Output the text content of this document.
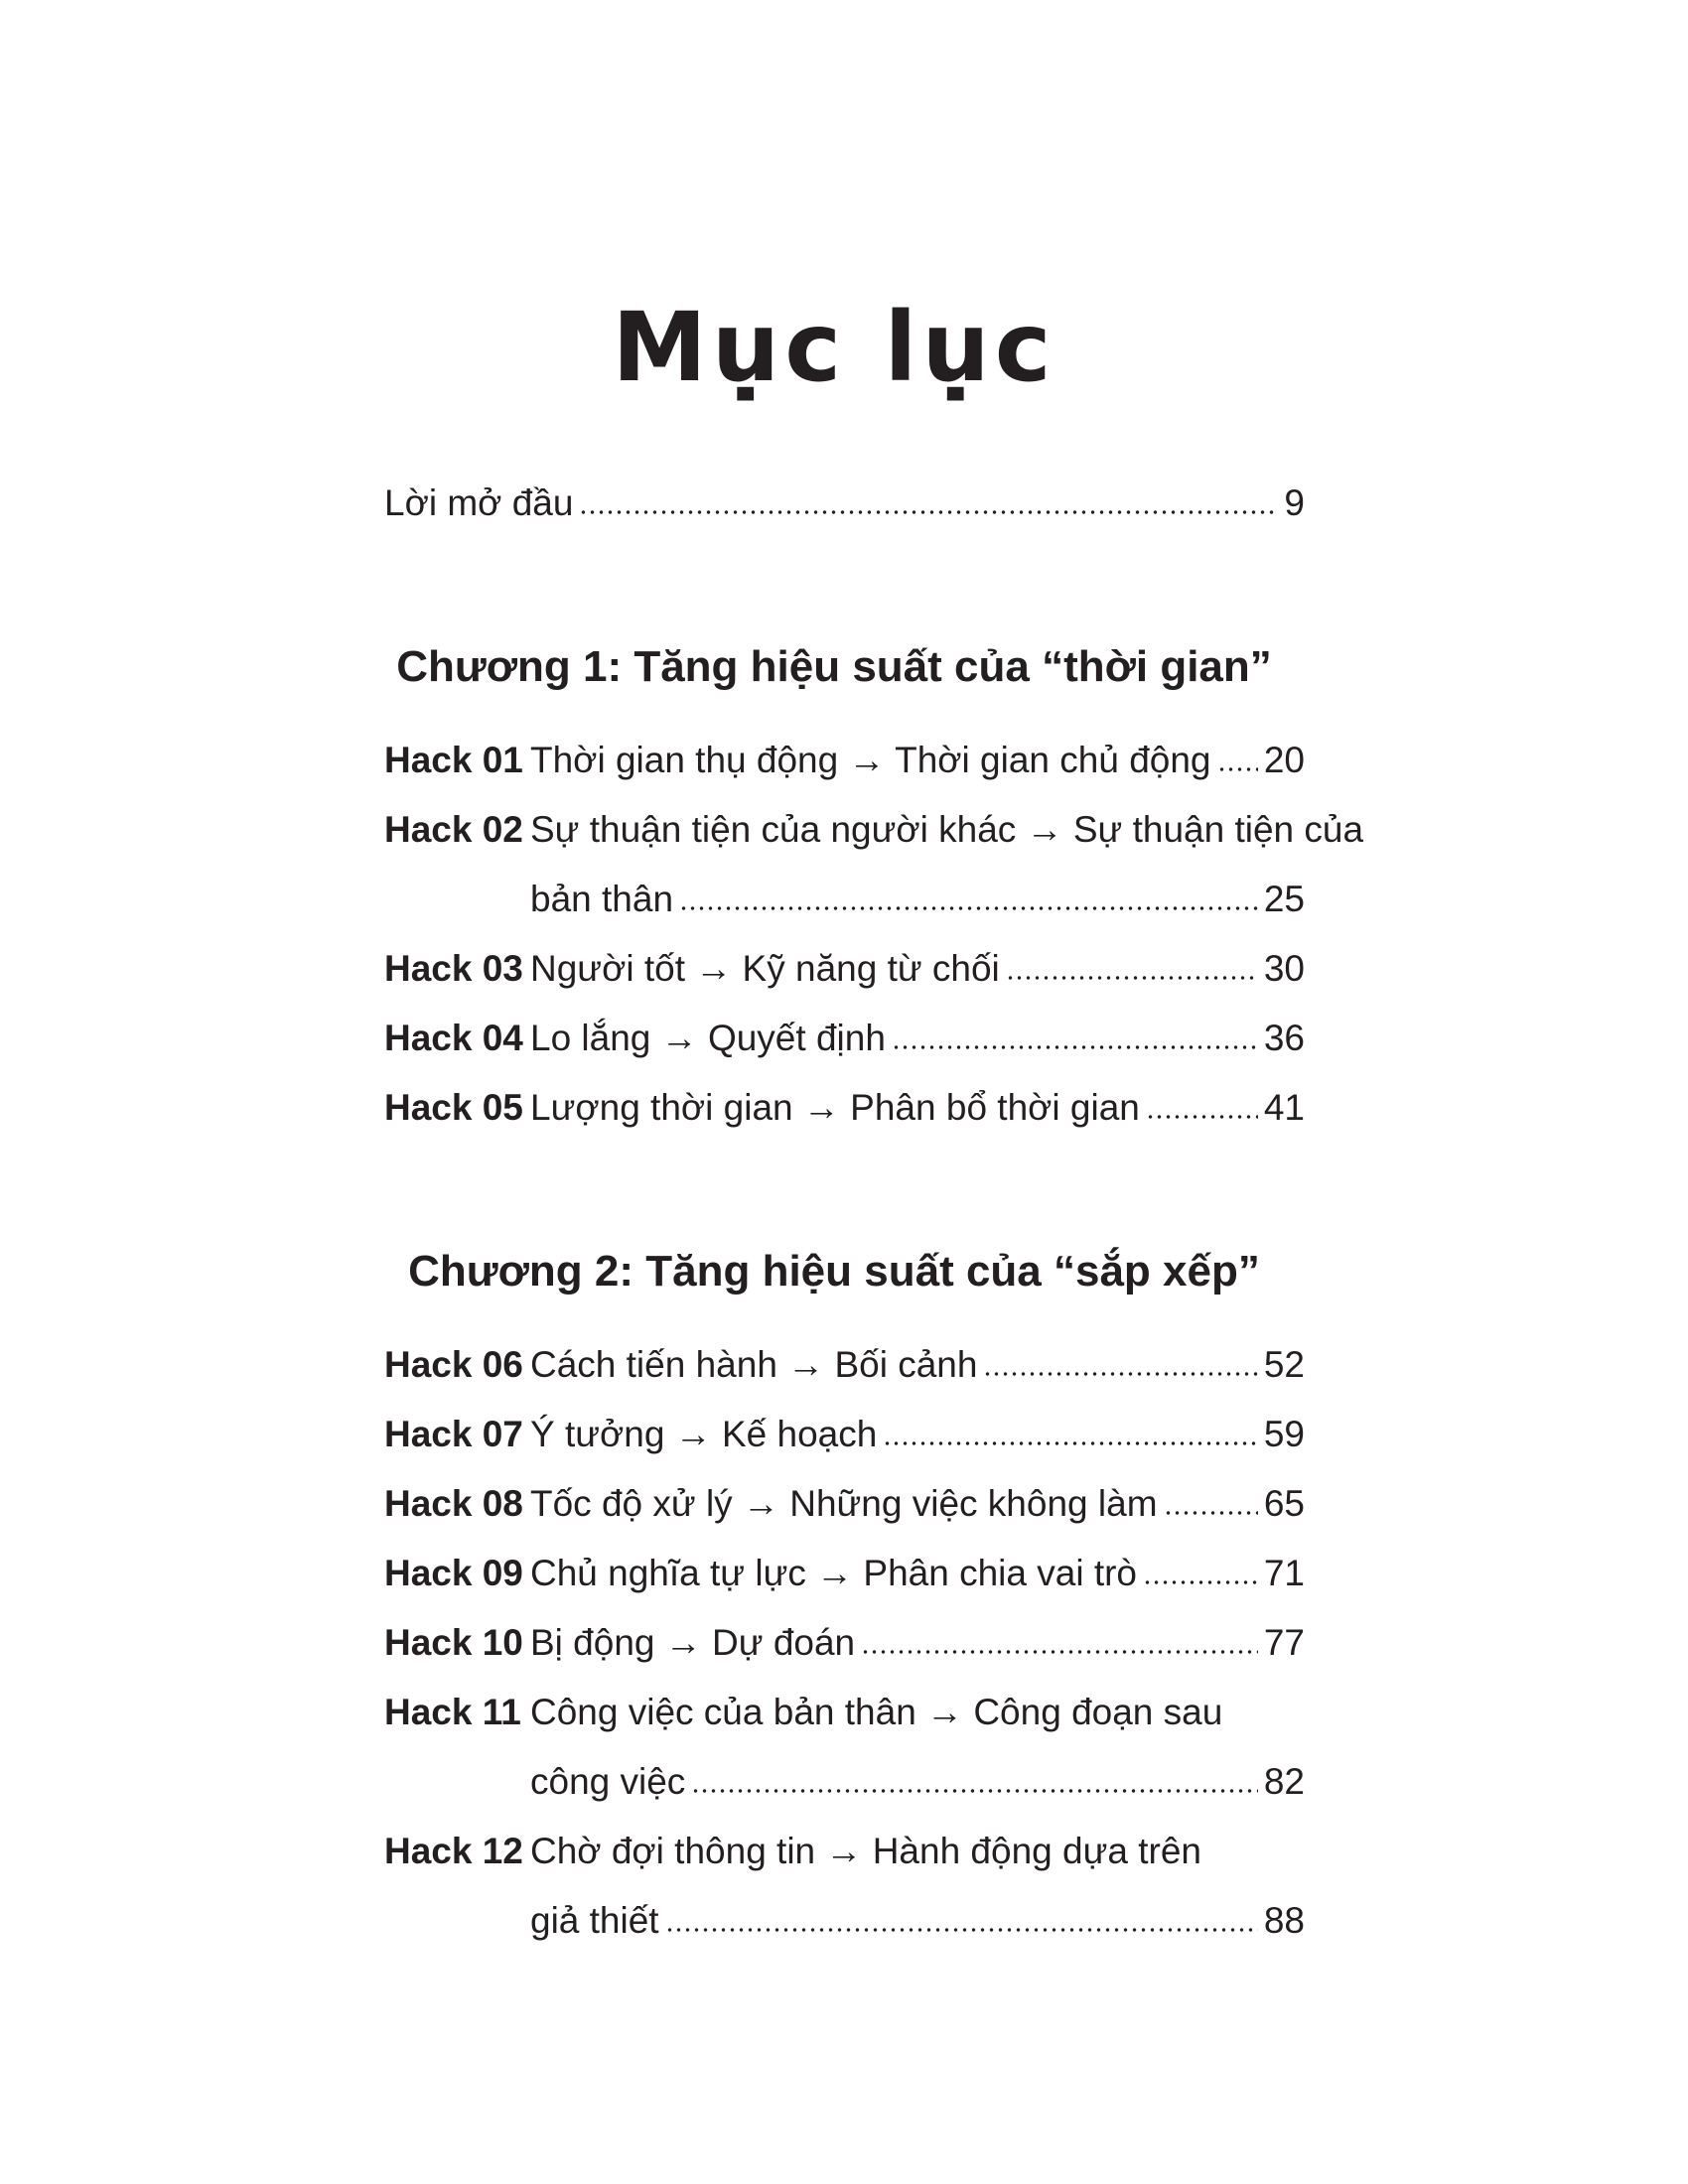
Mục lục
Lời mở đầu	9
Chương 1: Tăng hiệu suất của “thời gian”
Hack 01 Thời gian thụ động → Thời gian chủ động 20
Hack 02 Sự thuận tiện của người khác → Sự thuận tiện của
bản thân	25
Hack 03 Người tốt → Kỹ năng từ chối	30
Hack 04 Lo lắng → Quyết định	36
Hack 05 Lượng thời gian → Phân bổ thời gian	41
Chương 2: Tăng hiệu suất của “sắp xếp”
Hack 06 Cách tiến hành → Bối cảnh	52
Hack 07 Ý tưởng → Kế hoạch	59
Hack 08 Tốc độ xử lý → Những việc không làm	65
Hack 09 Chủ nghĩa tự lực → Phân chia vai trò	71
Hack 10 Bị động → Dự đoán	77
Hack 11 Công việc của bản thân → Công đoạn sau
công việc	82
Hack 12 Chờ đợi thông tin → Hành động dựa trên
giả thiết	88
